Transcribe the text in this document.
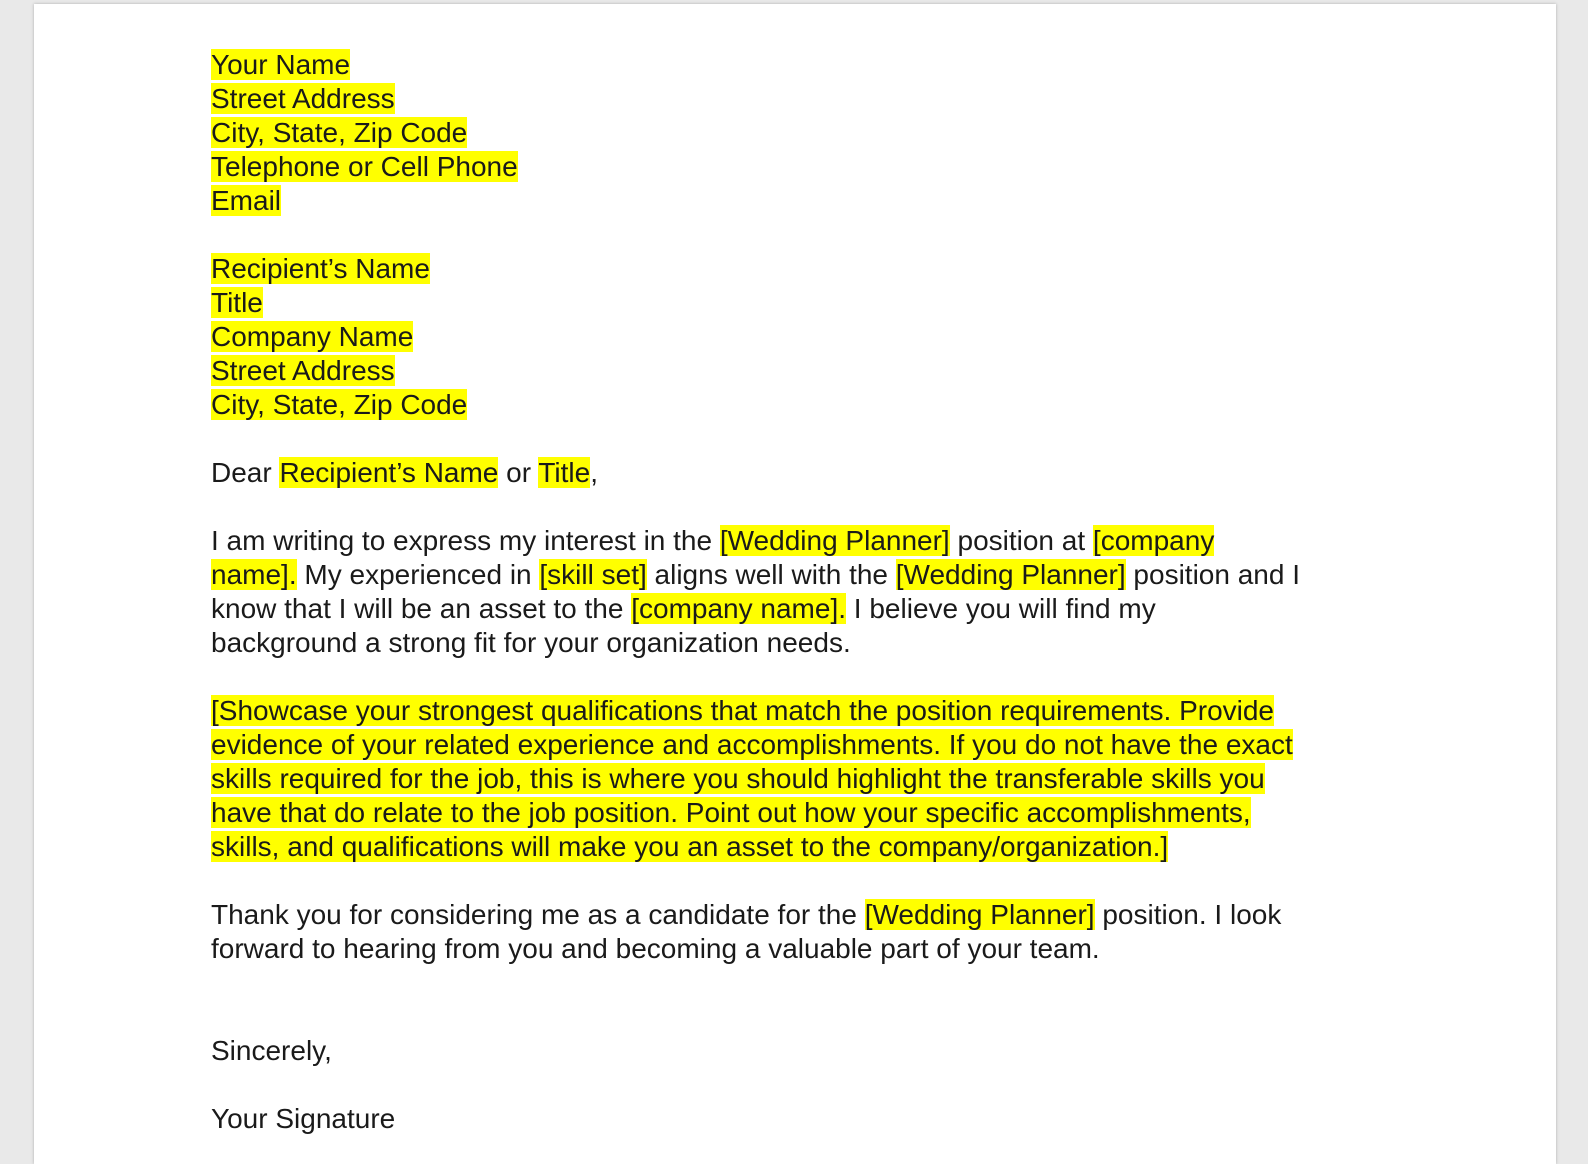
Your Name
Street Address
City, State, Zip Code
Telephone or Cell Phone
Email
Recipient’s Name
Title
Company Name
Street Address
City, State, Zip Code
Dear Recipient’s Name or Title,
I am writing to express my interest in the [Wedding Planner] position at [company
name]. My experienced in [skill set] aligns well with the [Wedding Planner] position and I
know that I will be an asset to the [company name]. I believe you will find my
background a strong fit for your organization needs.
[Showcase your strongest qualifications that match the position requirements. Provide
evidence of your related experience and accomplishments. If you do not have the exact
skills required for the job, this is where you should highlight the transferable skills you
have that do relate to the job position. Point out how your specific accomplishments,
skills, and qualifications will make you an asset to the company/organization.]
Thank you for considering me as a candidate for the [Wedding Planner] position. I look
forward to hearing from you and becoming a valuable part of your team.
Sincerely,
Your Signature
